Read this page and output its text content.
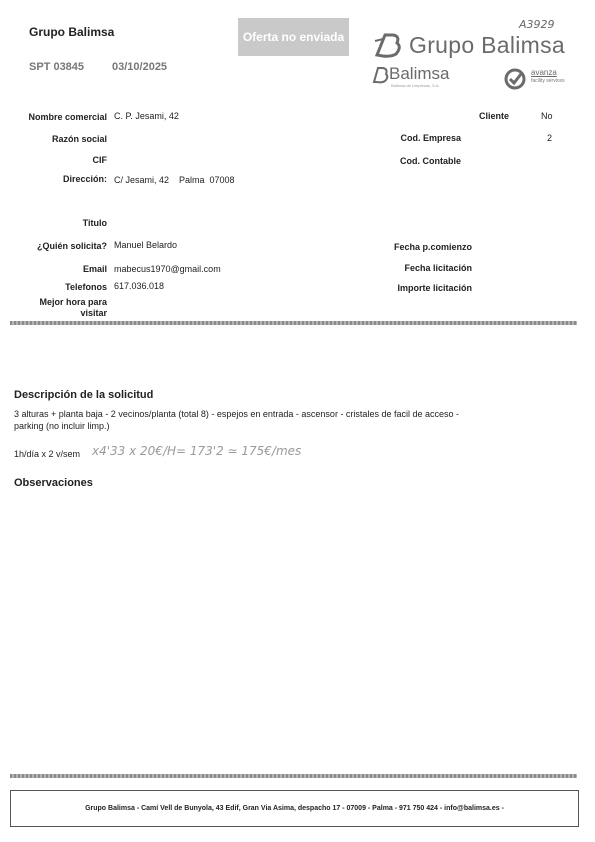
Grupo Balimsa
SPT 03845	03/10/2025
Oferta no enviada
A3929
Grupo Balimsa
Balimsa
Balimsa de Limpiezas, S.A.
avanza
facility services
Nombre comercial C. P. Jesami, 42
Razón social
CIF
Dirección: C/ Jesami, 42    Palma  07008
Titulo
¿Quién solicita? Manuel Belardo
Email mabecus1970@gmail.com
Telefonos 617.036.018
Mejor hora para
visitar
Cliente	No
Cod. Empresa	2
Cod. Contable
Fecha p.comienzo
Fecha licitación
Importe licitación
Descripción de la solicitud
3 alturas + planta baja - 2 vecinos/planta (total 8) - espejos en entrada - ascensor - cristales de facil de acceso -
parking (no incluir limp.)
1h/día x 2 v/sem x4'33 x 20€/H= 173'2 ≃ 175€/mes
Observaciones
Grupo Balimsa - Camí Vell de Bunyola, 43 Edif, Gran Via Asima, despacho 17 - 07009 - Palma - 971 750 424 - info@balimsa.es -
